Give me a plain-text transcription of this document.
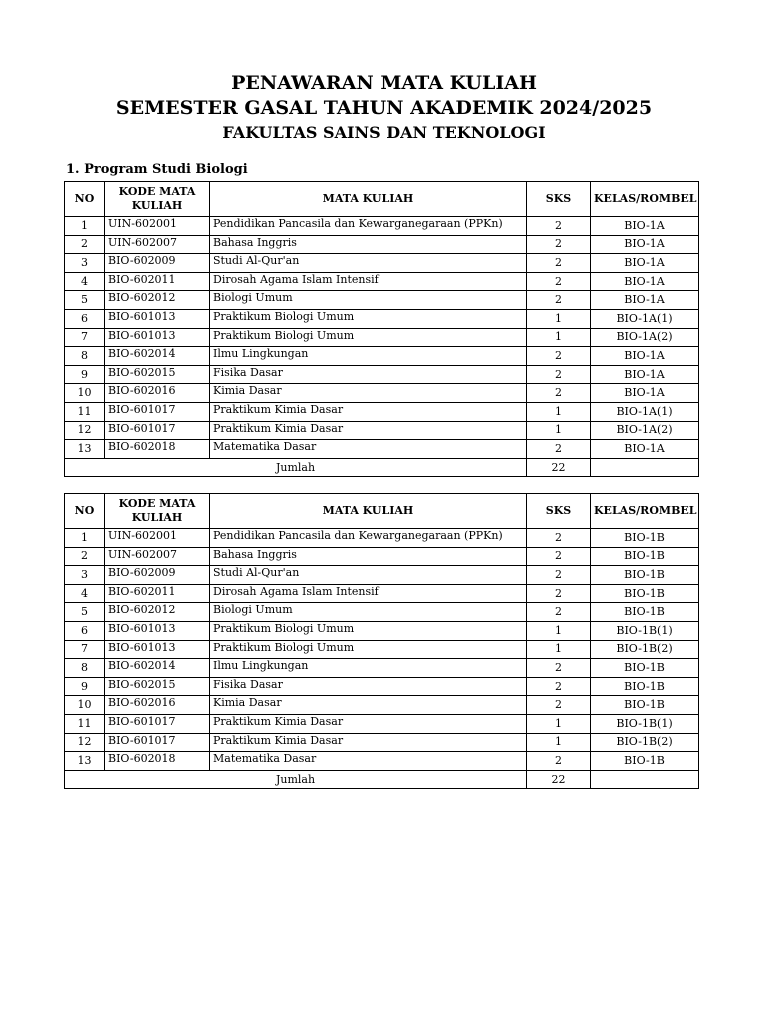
PENAWARAN MATA KULIAH
SEMESTER GASAL TAHUN AKADEMIK 2024/2025
FAKULTAS SAINS DAN TEKNOLOGI
1. Program Studi Biologi
NO	KODE MATA KULIAH	MATA KULIAH	SKS	KELAS/ROMBEL
1	UIN-602001	Pendidikan Pancasila dan Kewarganegaraan (PPKn)	2	BIO-1A
2	UIN-602007	Bahasa Inggris	2	BIO-1A
3	BIO-602009	Studi Al-Qur'an	2	BIO-1A
4	BIO-602011	Dirosah Agama Islam Intensif	2	BIO-1A
5	BIO-602012	Biologi Umum	2	BIO-1A
6	BIO-601013	Praktikum Biologi Umum	1	BIO-1A(1)
7	BIO-601013	Praktikum Biologi Umum	1	BIO-1A(2)
8	BIO-602014	Ilmu Lingkungan	2	BIO-1A
9	BIO-602015	Fisika Dasar	2	BIO-1A
10	BIO-602016	Kimia Dasar	2	BIO-1A
11	BIO-601017	Praktikum Kimia Dasar	1	BIO-1A(1)
12	BIO-601017	Praktikum Kimia Dasar	1	BIO-1A(2)
13	BIO-602018	Matematika Dasar	2	BIO-1A
Jumlah			22	
NO	KODE MATA KULIAH	MATA KULIAH	SKS	KELAS/ROMBEL
1	UIN-602001	Pendidikan Pancasila dan Kewarganegaraan (PPKn)	2	BIO-1B
2	UIN-602007	Bahasa Inggris	2	BIO-1B
3	BIO-602009	Studi Al-Qur'an	2	BIO-1B
4	BIO-602011	Dirosah Agama Islam Intensif	2	BIO-1B
5	BIO-602012	Biologi Umum	2	BIO-1B
6	BIO-601013	Praktikum Biologi Umum	1	BIO-1B(1)
7	BIO-601013	Praktikum Biologi Umum	1	BIO-1B(2)
8	BIO-602014	Ilmu Lingkungan	2	BIO-1B
9	BIO-602015	Fisika Dasar	2	BIO-1B
10	BIO-602016	Kimia Dasar	2	BIO-1B
11	BIO-601017	Praktikum Kimia Dasar	1	BIO-1B(1)
12	BIO-601017	Praktikum Kimia Dasar	1	BIO-1B(2)
13	BIO-602018	Matematika Dasar	2	BIO-1B
Jumlah			22	
